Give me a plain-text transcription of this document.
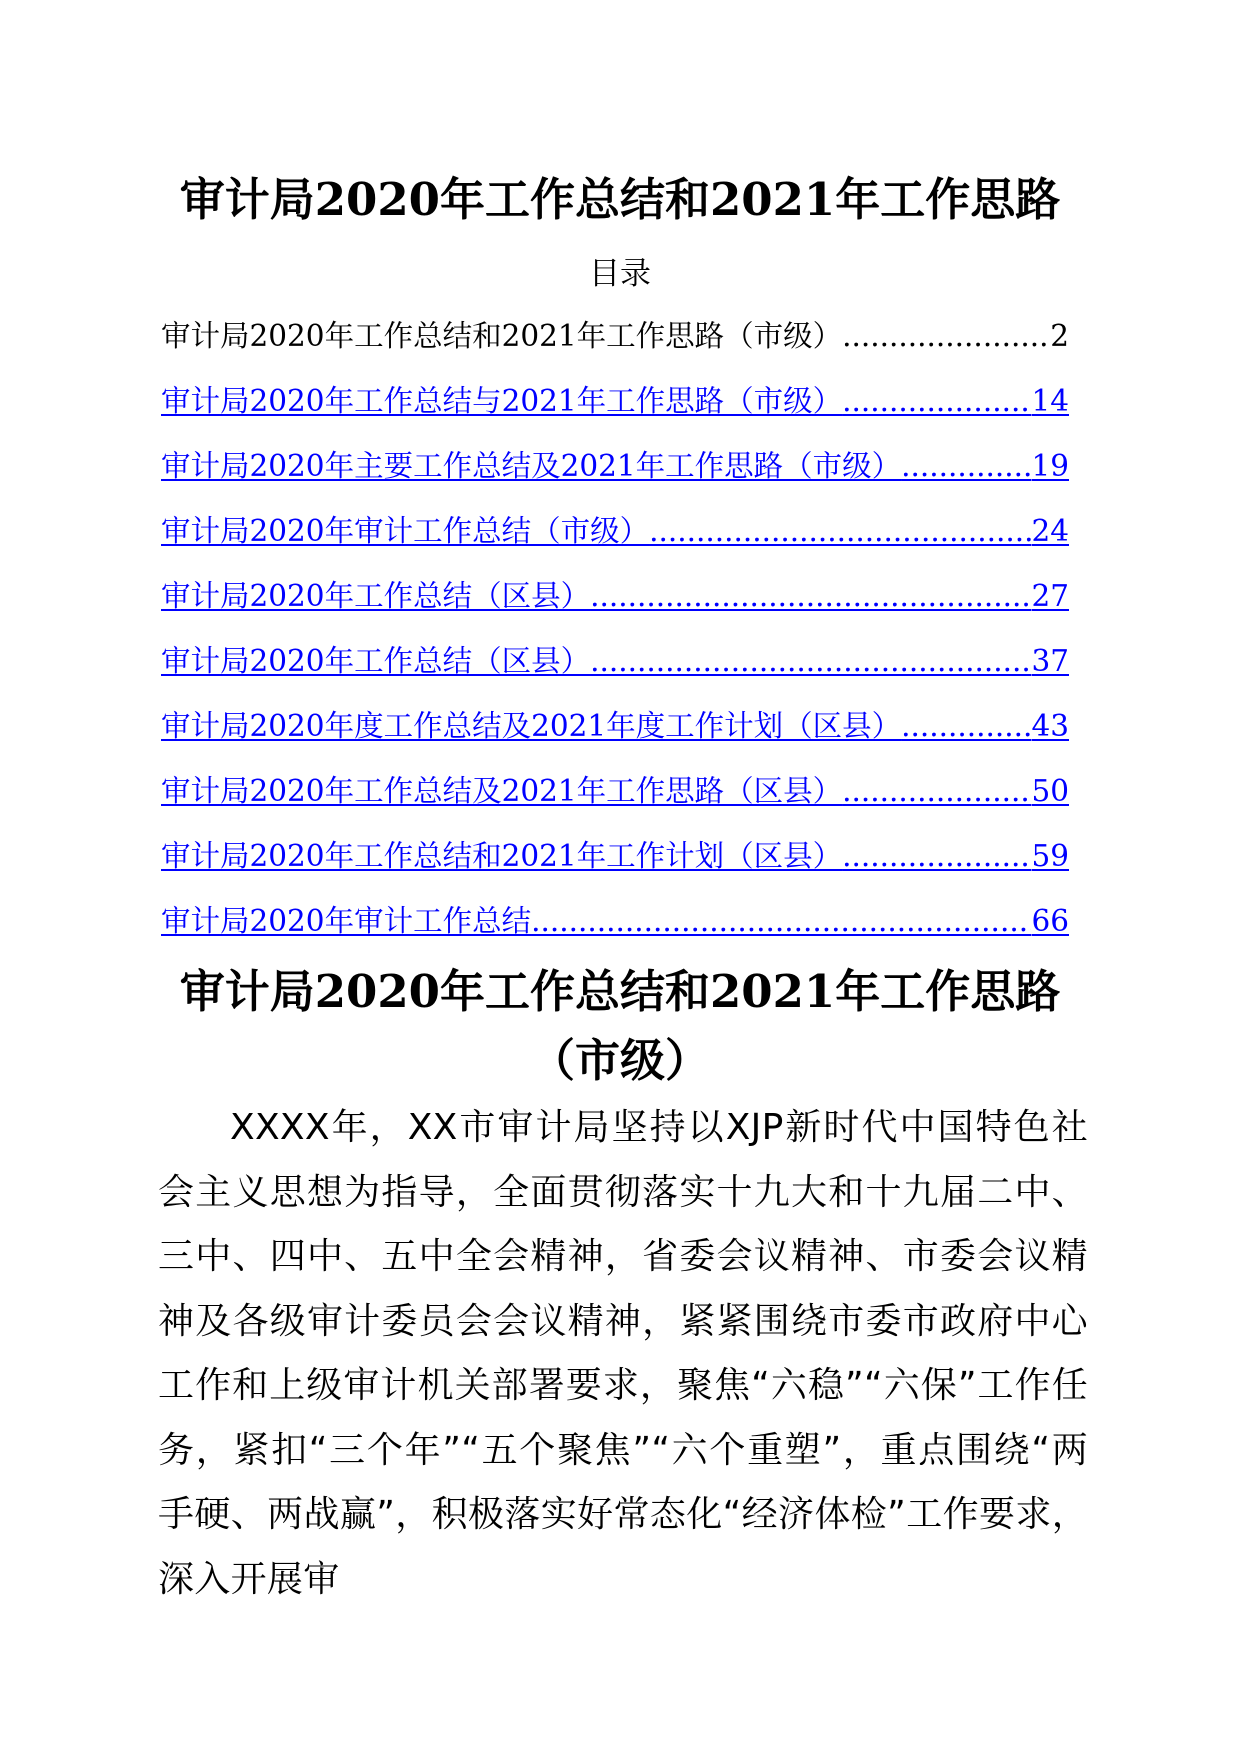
审计局2020年工作总结和2021年工作思路
目录
审计局2020年工作总结和2021年工作思路（市级） .....	2
审计局2020年工作总结与2021年工作思路（市级） .....	14
审计局2020年主要工作总结及2021年工作思路（市级） .....	19
审计局2020年审计工作总结（市级） .....	24
审计局2020年工作总结（区县） .....	27
审计局2020年工作总结（区县） .....	37
审计局2020年度工作总结及2021年度工作计划（区县） .....	43
审计局2020年工作总结及2021年工作思路（区县） .....	50
审计局2020年工作总结和2021年工作计划（区县） .....	59
审计局2020年审计工作总结 .....	66
审计局2020年工作总结和2021年工作思路
（市级）
XXXX年，XX市审计局坚持以XJP新时代中国特色社会主义思想为指导，全面贯彻落实十九大和十九届二中、三中、四中、五中全会精神，省委会议精神、市委会议精神及各级审计委员会会议精神，紧紧围绕市委市政府中心工作和上级审计机关部署要求，聚焦“六稳”“六保”工作任务，紧扣“三个年”“五个聚焦”“六个重塑”，重点围绕“两手硬、两战赢”，积极落实好常态化“经济体检”工作要求，深入开展审
